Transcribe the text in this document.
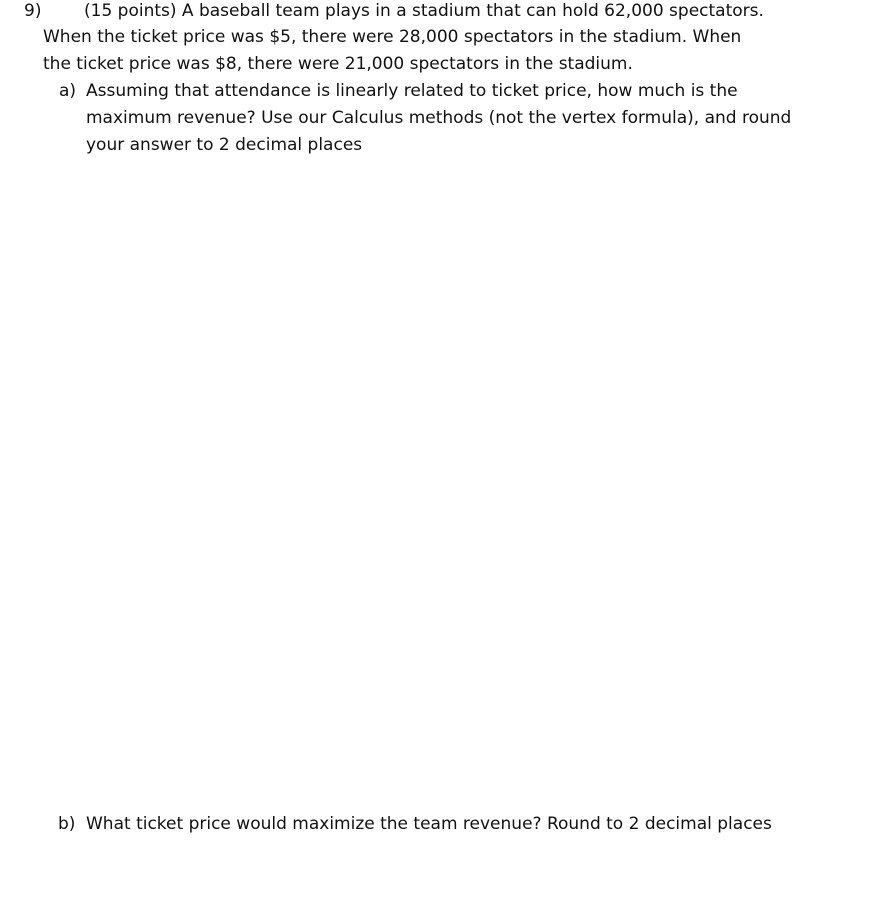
9)	(15 points) A baseball team plays in a stadium that can hold 62,000 spectators.
When the ticket price was $5, there were 28,000 spectators in the stadium. When
the ticket price was $8, there were 21,000 spectators in the stadium.
a) Assuming that attendance is linearly related to ticket price, how much is the
maximum revenue? Use our Calculus methods (not the vertex formula), and round
your answer to 2 decimal places
b) What ticket price would maximize the team revenue? Round to 2 decimal places
